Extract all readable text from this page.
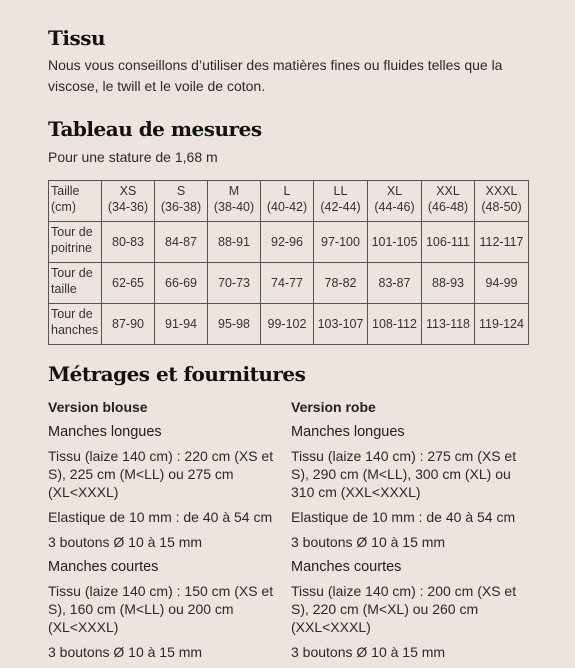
Tissu

Nous vous conseillons d’utiliser des matières fines ou fluides telles que la viscose, le twill et le voile de coton.

Tableau de mesures

Pour une stature de 1,68 m

Taille
(cm)	XS
(34-36)	S
(36-38)	M
(38-40)	L
(40-42)	LL
(42-44)	XL
(44-46)	XXL
(46-48)	XXXL
(48-50)
Tour de
poitrine	80-83	84-87	88-91	92-96	97-100	101-105	106-111	112-117
Tour de
taille	62-65	66-69	70-73	74-77	78-82	83-87	88-93	94-99
Tour de
hanches	87-90	91-94	95-98	99-102	103-107	108-112	113-118	119-124
Métrages et fournitures
Version blouse
Manches longues

Tissu (laize 140 cm) : 220 cm (XS et S), 225 cm (M<LL) ou 275 cm (XL<XXXL)

Elastique de 10 mm : de 40 à 54 cm

3 boutons Ø 10 à 15 mm

Manches courtes

Tissu (laize 140 cm) : 150 cm (XS et S), 160 cm (M<LL) ou 200 cm (XL<XXXL)

3 boutons Ø 10 à 15 mm

Version robe
Manches longues

Tissu (laize 140 cm) : 275 cm (XS et S), 290 cm (M<LL), 300 cm (XL) ou 310 cm (XXL<XXXL)

Elastique de 10 mm : de 40 à 54 cm

3 boutons Ø 10 à 15 mm

Manches courtes

Tissu (laize 140 cm) : 200 cm (XS et S), 220 cm (M<XL) ou 260 cm (XXL<XXXL)

3 boutons Ø 10 à 15 mm
